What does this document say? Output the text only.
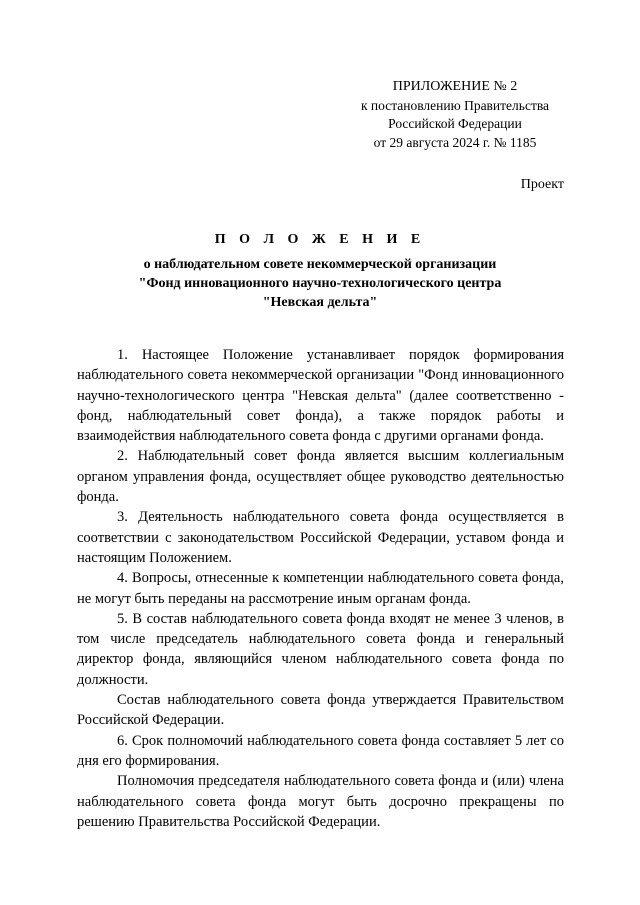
ПРИЛОЖЕНИЕ № 2
к постановлению Правительства
Российской Федерации
от 29 августа 2024 г. № 1185
Проект
П О Л О Ж Е Н И Е
о наблюдательном совете некоммерческой организации
"Фонд инновационного научно-технологического центра
"Невская дельта"

1. Настоящее Положение устанавливает порядок формирования наблюдательного совета некоммерческой организации "Фонд инновационного научно-технологического центра "Невская дельта" (далее соответственно - фонд, наблюдательный совет фонда), а также порядок работы и взаимодействия наблюдательного совета фонда с другими органами фонда.

2. Наблюдательный совет фонда является высшим коллегиальным органом управления фонда, осуществляет общее руководство деятельностью фонда.

3. Деятельность наблюдательного совета фонда осуществляется в соответствии с законодательством Российской Федерации, уставом фонда и настоящим Положением.

4. Вопросы, отнесенные к компетенции наблюдательного совета фонда, не могут быть переданы на рассмотрение иным органам фонда.

5. В состав наблюдательного совета фонда входят не менее 3 членов, в том числе председатель наблюдательного совета фонда и генеральный директор фонда, являющийся членом наблюдательного совета фонда по должности.

Состав наблюдательного совета фонда утверждается Правительством Российской Федерации.

6. Срок полномочий наблюдательного совета фонда составляет 5 лет со дня его формирования.

Полномочия председателя наблюдательного совета фонда и (или) члена наблюдательного совета фонда могут быть досрочно прекращены по решению Правительства Российской Федерации.
